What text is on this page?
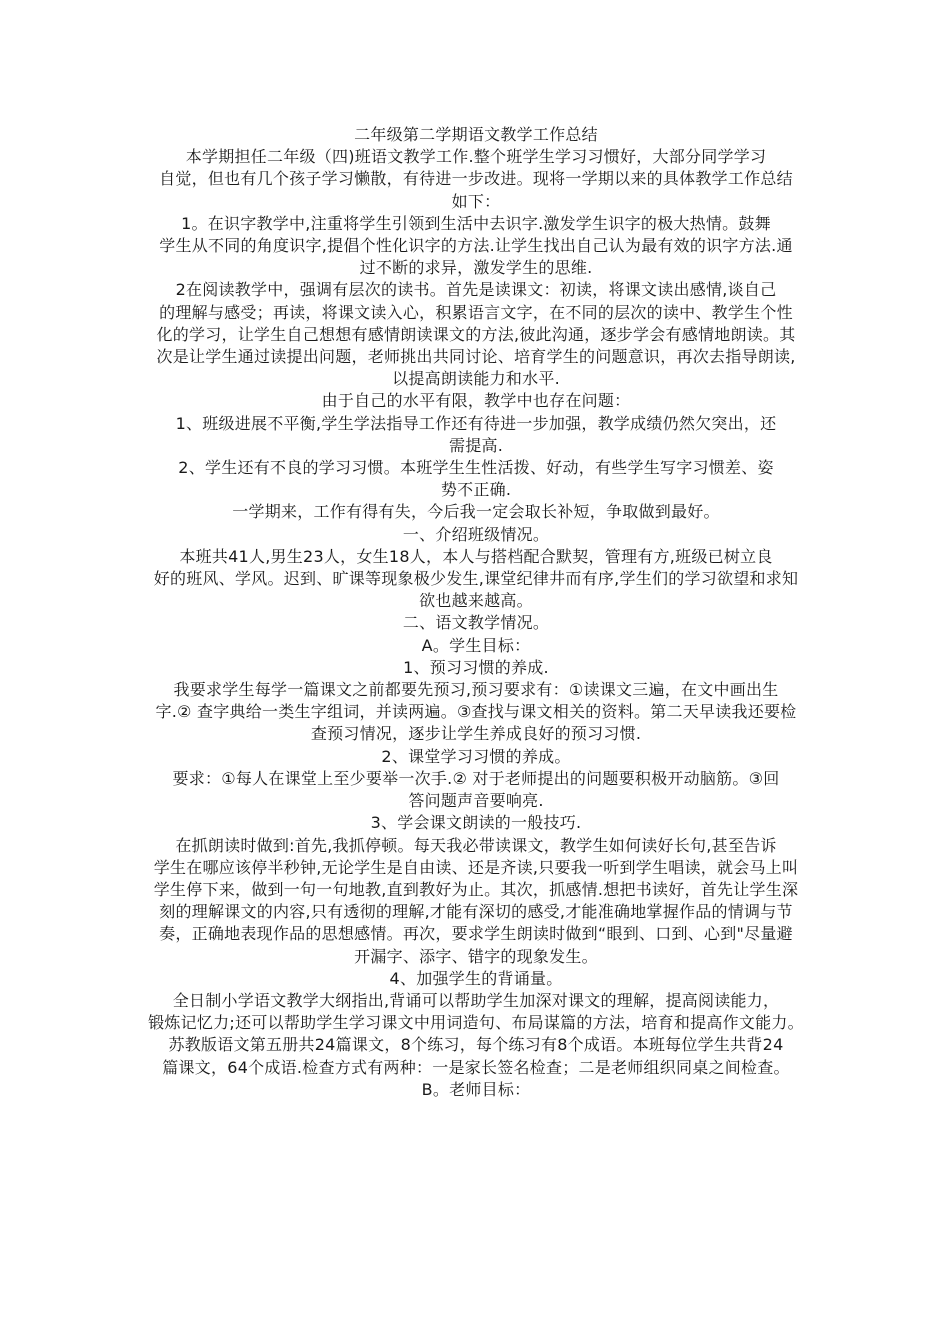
二年级第二学期语文教学工作总结
本学期担任二年级（四)班语文教学工作.整个班学生学习习惯好，大部分同学学习
自觉，但也有几个孩子学习懒散，有待进一步改进。现将一学期以来的具体教学工作总结
如下：
1。在识字教学中,注重将学生引领到生活中去识字.激发学生识字的极大热情。鼓舞
学生从不同的角度识字,提倡个性化识字的方法.让学生找出自己认为最有效的识字方法.通
过不断的求异，激发学生的思维.
2在阅读教学中，强调有层次的读书。首先是读课文：初读，将课文读出感情,谈自己
的理解与感受；再读，将课文读入心，积累语言文字，在不同的层次的读中、教学生个性
化的学习，让学生自己想想有感情朗读课文的方法,彼此沟通，逐步学会有感情地朗读。其
次是让学生通过读提出问题，老师挑出共同讨论、培育学生的问题意识，再次去指导朗读,
以提高朗读能力和水平.
由于自己的水平有限，教学中也存在问题：
1、班级进展不平衡,学生学法指导工作还有待进一步加强，教学成绩仍然欠突出，还
需提高.
2、学生还有不良的学习习惯。本班学生生性活拨、好动，有些学生写字习惯差、姿
势不正确.
一学期来，工作有得有失，今后我一定会取长补短，争取做到最好。
一、介绍班级情况。
本班共41人,男生23人，女生18人，本人与搭档配合默契，管理有方,班级已树立良
好的班风、学风。迟到、旷课等现象极少发生,课堂纪律井而有序,学生们的学习欲望和求知
欲也越来越高。
二、语文教学情况。
A。学生目标：
1、预习习惯的养成.
我要求学生每学一篇课文之前都要先预习,预习要求有：①读课文三遍，在文中画出生
字.② 查字典给一类生字组词，并读两遍。③查找与课文相关的资料。第二天早读我还要检
查预习情况，逐步让学生养成良好的预习习惯.
2、课堂学习习惯的养成。
要求：①每人在课堂上至少要举一次手.② 对于老师提出的问题要积极开动脑筋。③回
答问题声音要响亮.
3、学会课文朗读的一般技巧.
在抓朗读时做到:首先,我抓停顿。每天我必带读课文，教学生如何读好长句,甚至告诉
学生在哪应该停半秒钟,无论学生是自由读、还是齐读,只要我一听到学生唱读，就会马上叫
学生停下来，做到一句一句地教,直到教好为止。其次，抓感情.想把书读好，首先让学生深
刻的理解课文的内容,只有透彻的理解,才能有深切的感受,才能准确地掌握作品的情调与节
奏，正确地表现作品的思想感情。再次，要求学生朗读时做到“眼到、口到、心到"尽量避
开漏字、添字、错字的现象发生。
4、加强学生的背诵量。
全日制小学语文教学大纲指出,背诵可以帮助学生加深对课文的理解，提高阅读能力，
锻炼记忆力;还可以帮助学生学习课文中用词造句、布局谋篇的方法，培育和提高作文能力。
苏教版语文第五册共24篇课文，8个练习，每个练习有8个成语。本班每位学生共背24
篇课文，64个成语.检查方式有两种：一是家长签名检查；二是老师组织同桌之间检查。
B。老师目标：
